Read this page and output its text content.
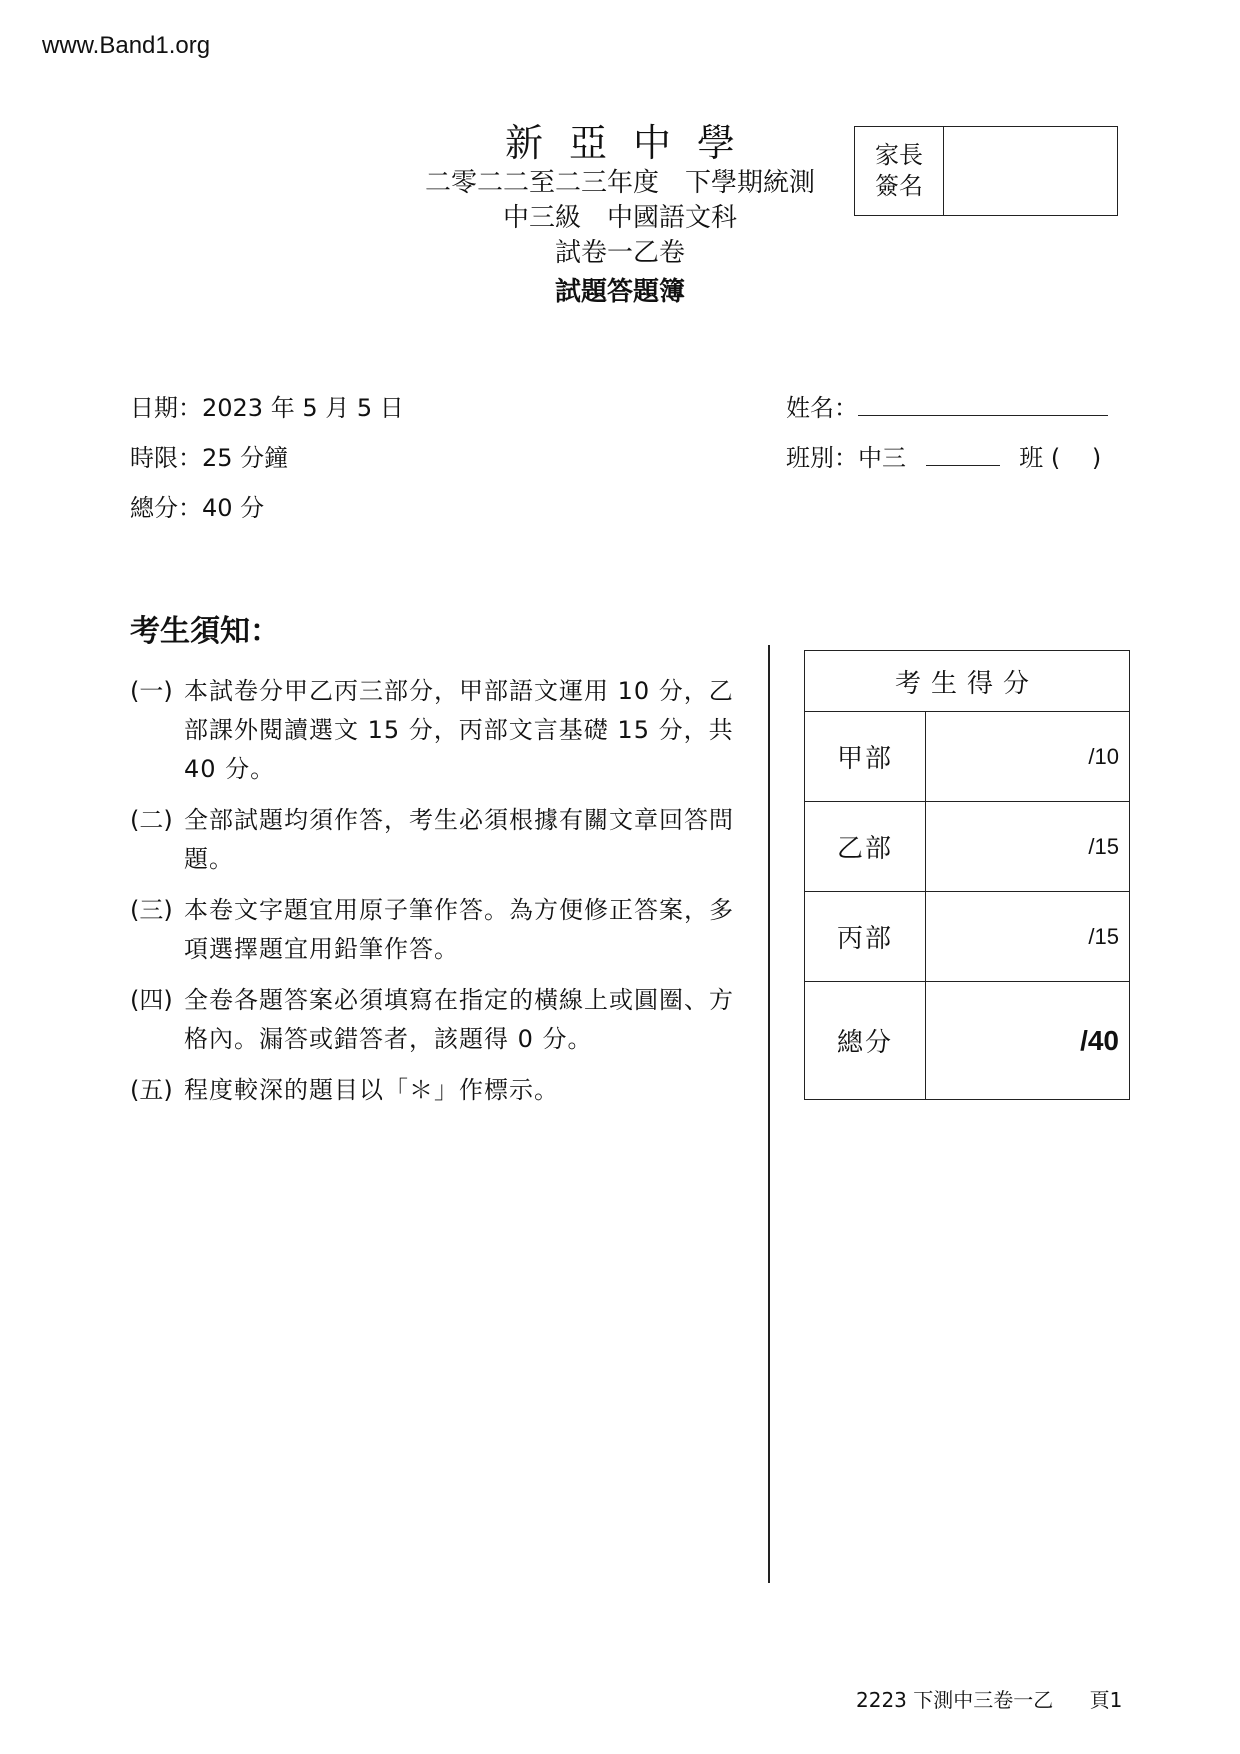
www.Band1.org
新亞中學
二零二二至二三年度　下學期統測
中三級　中國語文科
試卷一乙卷
試題答題簿
家長
簽名
日期：2023 年 5 月 5 日
時限：25 分鐘
總分：40 分
姓名：
班別：中三	班 (　 )
考生須知：
(一) 本試卷分甲乙丙三部分，甲部語文運用 10 分，乙部課外閱讀選文 15 分，丙部文言基礎 15 分，共 40 分。
(二) 全部試題均須作答，考生必須根據有關文章回答問題。
(三) 本卷文字題宜用原子筆作答。為方便修正答案，多項選擇題宜用鉛筆作答。
(四) 全卷各題答案必須填寫在指定的橫線上或圓圈、方格內。漏答或錯答者，該題得 0 分。
(五) 程度較深的題目以「＊」作標示。
考生得分	
甲部	/10
乙部	/15
丙部	/15
總分	/40
2223 下測中三卷一乙 頁1
